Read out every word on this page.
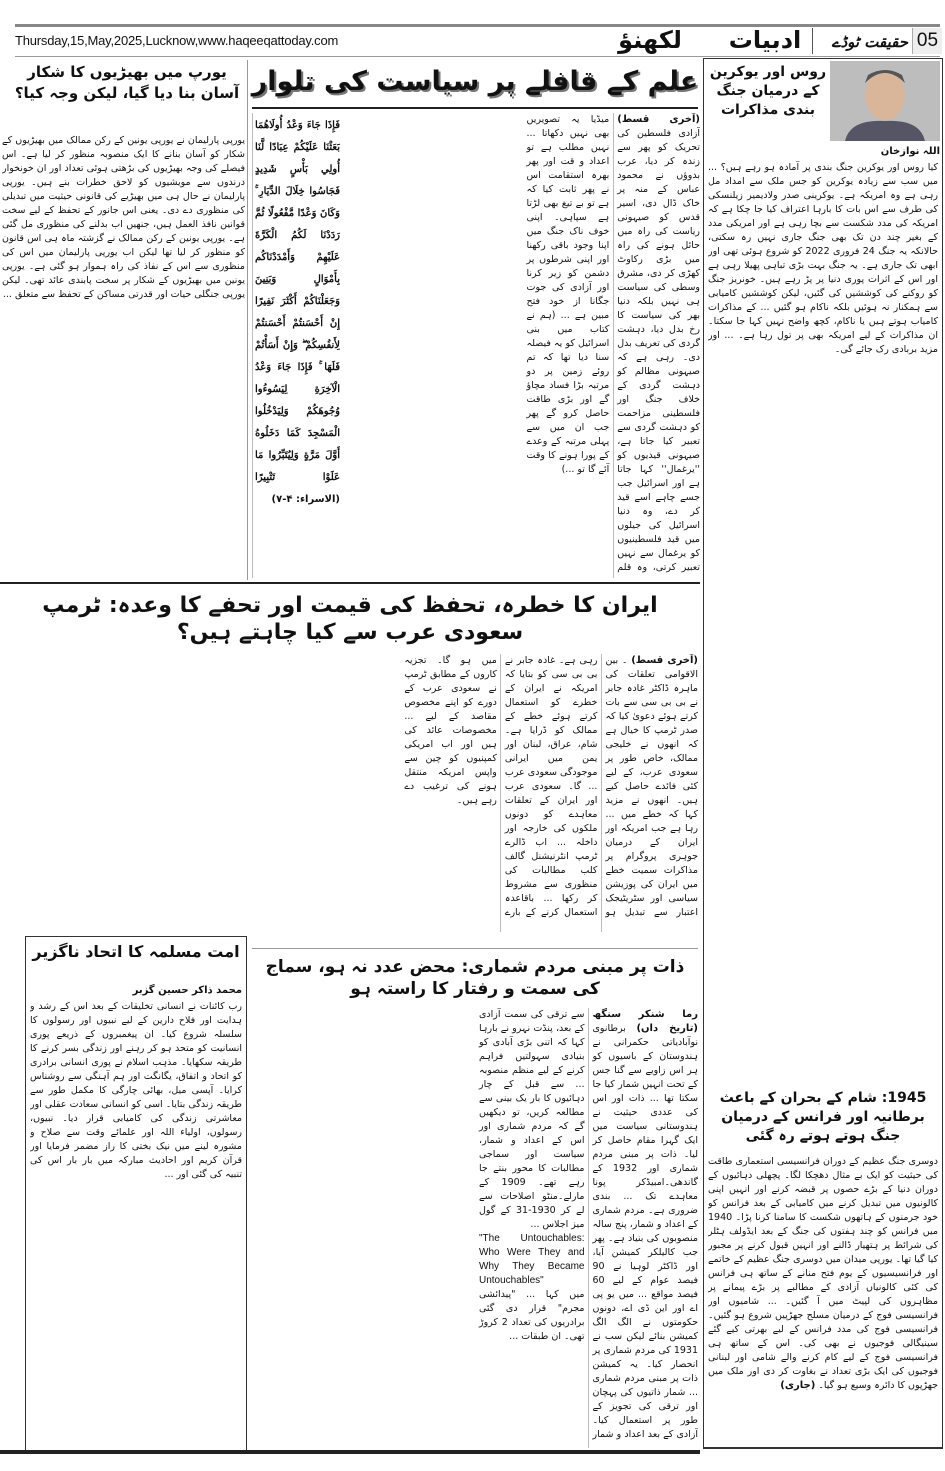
Thursday,15,May,2025,Lucknow,www.haqeeqattoday.com	لکھنؤ	ادبیات	حقیقت ٹوڈے 05
روس اور یوکرین کے درمیان جنگ بندی مذاکرات
اللہ نوازخان
کیا روس اور یوکرین جنگ بندی پر آمادہ ہو رہے ہیں؟ ... میں سب سے زیادہ یوکرین کو جس ملک سے امداد مل رہی ہے وہ امریکہ ہے۔ یوکرینی صدر ولادیمیر زیلنسکی کی طرف سے اس بات کا بارہا اعتراف کیا جا چکا ہے کہ امریکہ کی مدد شکست سے بچا رہی ہے اور امریکی مدد کے بغیر چند دن تک بھی جنگ جاری نہیں رہ سکتی، حالانکہ یہ جنگ 24 فروری 2022 کو شروع ہوئی تھی اور ابھی تک جاری ہے۔ یہ جنگ بہت بڑی تباہی پھیلا رہی ہے اور اس کے اثرات پوری دنیا پر پڑ رہے ہیں۔ خونریز جنگ کو روکنے کی کوششیں کی گئیں، لیکن کوششیں کامیابی سے ہمکنار نہ ہوئیں بلکہ ناکام ہو گئیں ... کے مذاکرات کامیاب ہوتے ہیں یا ناکام، کچھ واضح نہیں کہا جا سکتا۔ ان مذاکرات کے لیے امریکہ بھی پر تول رہا ہے۔ ... اور مزید بربادی رک جائے گی۔
1945: شام کے بحران کے باعث برطانیہ اور فرانس کے درمیان جنگ ہوتے ہوتے رہ گئی
دوسری جنگ عظیم کے دوران فرانسیسی استعماری طاقت کی حیثیت کو ایک بے مثال دھچکا لگا۔ پچھلی دہائیوں کے دوران دنیا کے بڑے حصوں پر قبضہ کرنے اور انہیں اپنی کالونیوں میں تبدیل کرنے میں کامیابی کے بعد فرانس کو خود جرمنوں کے ہاتھوں شکست کا سامنا کرنا پڑا۔ 1940 میں فرانس کو چند ہفتوں کی جنگ کے بعد ایڈولف ہٹلر کی شرائط پر ہتھیار ڈالنے اور انہیں قبول کرنے پر مجبور کیا گیا تھا۔ یورپی میدان میں دوسری جنگ عظیم کے خاتمے اور فرانسیسیوں کے یوم فتح منانے کے ساتھ ہی فرانس کی کئی کالونیاں آزادی کے مطالبے پر بڑے پیمانے پر مظاہروں کی لپیٹ میں آ گئیں۔ ... شامیوں اور فرانسیسی فوج کے درمیان مسلح جھڑپیں شروع ہو گئیں۔ فرانسیسی فوج کی مدد فرانس کے لیے بھرتی کیے گئے سینیگالی فوجیوں نے بھی کی۔ اس کے ساتھ ہی فرانسیسی فوج کے لیے کام کرنے والے شامی اور لبنانی فوجیوں کی ایک بڑی تعداد نے بغاوت کر دی اور ملک میں جھڑپوں کا دائرہ وسیع ہو گیا۔ (جاری)
یورپ میں بھیڑیوں کا شکار آسان بنا دیا گیا، لیکن وجہ کیا؟
یورپی پارلیمان نے یورپی یونین کے رکن ممالک میں بھیڑیوں کے شکار کو آسان بنانے کا ایک منصوبہ منظور کر لیا ہے۔ اس فیصلے کی وجہ بھیڑیوں کی بڑھتی ہوئی تعداد اور ان خونخوار درندوں سے مویشیوں کو لاحق خطرات بنے ہیں۔ یورپی پارلیمان نے حال ہی میں بھیڑیے کی قانونی حیثیت میں تبدیلی کی منظوری دے دی۔ یعنی اس جانور کے تحفظ کے لیے سخت قوانین نافذ العمل ہیں، جنھیں اب بدلنے کی منظوری مل گئی ہے۔ یورپی یونین کے رکن ممالک نے گزشتہ ماہ ہی اس قانون کو منظور کر لیا تھا لیکن اب یورپی پارلیمان میں اس کی منظوری سے اس کے نفاذ کی راہ ہموار ہو گئی ہے۔ یورپی یونین میں بھیڑیوں کے شکار پر سخت پابندی عائد تھی۔ لیکن یورپی جنگلی حیات اور قدرتی مساکن کے تحفظ سے متعلق ...
علم کے قافلے پر سیاست کی تلوار
(آخری قسط) آزادی فلسطین کی تحریک کو پھر سے زندہ کر دیا، عرب بدوؤں نے محمود عباس کے منہ پر خاک ڈال دی، اسیر قدس کو صیہونی ریاست کی راہ میں حائل ہونے کی راہ میں بڑی رکاوٹ کھڑی کر دی، مشرق وسطی کی سیاست ہی نہیں بلکہ دنیا بھر کی سیاست کا رخ بدل دیا، دہشت گردی کی تعریف بدل دی۔ رہی ہے کہ صیہونی مظالم کو دہشت گردی کے خلاف جنگ اور فلسطینی مزاحمت کو دہشت گردی سے تعبیر کیا جاتا ہے، صیہونی قیدیوں کو ''یرغمال'' کہا جاتا ہے اور اسرائیل جب جسے چاہے اسے قید کر دے، وہ دنیا اسرائیل کی جیلوں میں قید فلسطینیوں کو یرغمال سے نہیں تعبیر کرتی، وہ قلم میڈیا یہ تصویریں بھی نہیں دکھاتا ... نہیں مطلب ہے تو اعداد و قت اور پھر بھرہ استقامت اس نے پھر ثابت کیا کہ ہے تو بے تیغ بھی لڑتا ہے سپاہی۔ اپنی خوف ناک جنگ میں اپنا وجود باقی رکھنا اور اپنی شرطوں پر دشمن کو زیر کرنا اور آزادی کی جوت جگانا از خود فتح مبین ہے ... (ہم نے کتاب میں بنی اسرائیل کو یہ فیصلہ سنا دیا تھا کہ تم روئے زمین پر دو مرتبہ بڑا فساد مچاؤ گے اور بڑی طاقت حاصل کرو گے پھر جب ان میں سے پہلی مرتبہ کے وعدے کے پورا ہونے کا وقت آئے گا تو ...)
فَإِذَا جَاءَ وَعْدُ أُولَاهُمَا بَعَثْنَا عَلَيْكُمْ عِبَادًا لَّنَا أُولِي بَأْسٍ شَدِيدٍ فَجَاسُوا خِلَالَ الدِّيَارِ ۚ وَكَانَ وَعْدًا مَّفْعُولًا ثُمَّ رَدَدْنَا لَكُمُ الْكَرَّةَ عَلَيْهِمْ وَأَمْدَدْنَاكُم بِأَمْوَالٍ وَبَنِينَ وَجَعَلْنَاكُمْ أَكْثَرَ نَفِيرًا إِنْ أَحْسَنتُمْ أَحْسَنتُمْ لِأَنفُسِكُمْ ۖ وَإِنْ أَسَأْتُمْ فَلَهَا ۚ فَإِذَا جَاءَ وَعْدُ الْآخِرَةِ لِيَسُوءُوا وُجُوهَكُمْ وَلِيَدْخُلُوا الْمَسْجِدَ كَمَا دَخَلُوهُ أَوَّلَ مَرَّةٍ وَلِيُتَبِّرُوا مَا عَلَوْا تَتْبِيرًا (الاسراء: ۴-۷)
ایران کا خطرہ، تحفظ کی قیمت اور تحفے کا وعدہ: ٹرمپ سعودی عرب سے کیا چاہتے ہیں؟
(آخری قسط) ۔ بین الاقوامی تعلقات کی ماہرہ ڈاکٹر غادہ جابر نے بی بی سی سے بات کرتے ہوئے دعویٰ کیا کہ صدر ٹرمپ کا خیال ہے کہ انھوں نے خلیجی ممالک، خاص طور پر سعودی عرب، کے لیے کئی فائدے حاصل کیے ہیں۔ انھوں نے مزید کہا کہ خطے میں ... رہا ہے جب امریکہ اور ایران کے درمیان جوہری پروگرام پر مذاکرات سمیت خطے میں ایران کی پوزیشن سیاسی اور سٹریٹیجک اعتبار سے تبدیل ہو رہی ہے۔ غادہ جابر نے بی بی سی کو بتایا کہ امریکہ نے ایران کے خطرے کو استعمال کرتے ہوئے خطے کے ممالک کو ڈرایا ہے۔ شام، عراق، لبنان اور یمن میں ایرانی موجودگی سعودی عرب ... گا۔ سعودی عرب اور ایران کے تعلقات معاہدے کو دونوں ملکوں کی خارجہ اور داخلہ ... اب ڈالرے ٹرمپ انٹرنیشنل گالف کلب مطالبات کی منظوری سے مشروط کر رکھا ... باقاعدہ استعمال کرنے کے بارے میں ہو گا۔ تجزیہ کاروں کے مطابق ٹرمپ نے سعودی عرب کے دورے کو اپنے مخصوص مقاصد کے لیے ... مخصوصات عائد کی ہیں اور اب امریکی کمپنیوں کو چین سے واپس امریکہ منتقل ہونے کی ترغیب دے رہے ہیں۔
امت مسلمہ کا اتحاد ناگزیر
محمد ذاکر حسین گزبر
رب کائنات نے انسانی تخلیقات کے بعد اس کے رشد و ہدایت اور فلاح دارین کے لیے نبیوں اور رسولوں کا سلسلہ شروع کیا۔ ان پیغمبروں کے ذریعے پوری انسانیت کو متحد ہو کر رہنے اور زندگی بسر کرنے کا طریقہ سکھایا۔ مذہب اسلام نے پوری انسانی برادری کو اتحاد و اتفاق، یگانگت اور ہم آہنگی سے روشناس کرایا۔ آپسی میل، بھائی چارگی کا مکمل طور سے طریقہ زندگی بتایا۔ اسی کو انسانی سعادت عقلی اور معاشرتی زندگی کی کامیابی قرار دیا۔ نبیوں، رسولوں، اولیاء اللہ اور علمائے وقت سے صلاح و مشورہ لینے میں نیک بختی کا راز مضمر فرمایا اور قرآن کریم اور احادیث مبارکہ میں بار بار اس کی تنبیہ کی گئی اور ...
ذات پر مبنی مردم شماری: محض عدد نہ ہو، سماج کی سمت و رفتار کا راستہ ہو
رما شنکر سنگھ (تاریخ داں) برطانوی نوآبادیاتی حکمرانی نے ہندوستان کے باسیوں کو ہر اس زاویے سے گنا جس کے تحت انہیں شمار کیا جا سکتا تھا ... ذات اور اس کی عددی حیثیت نے ہندوستانی سیاست میں ایک گہرا مقام حاصل کر لیا۔ ذات پر مبنی مردم شماری اور 1932 کے گاندھی۔امبیڈکر پونا معاہدے تک ... بندی ضروری ہے۔ مردم شماری کے اعداد و شمار، پنج سالہ منصوبوں کی بنیاد ہے۔ پھر جب کالیلکر کمیشن آیا، اور ڈاکٹر لوہیا نے 90 فیصد عوام کے لیے 60 فیصد مواقع ... میں یو پی اے اور این ڈی اے، دونوں حکومتوں نے الگ الگ کمیشن بنائے لیکن سب نے 1931 کی مردم شماری پر انحصار کیا۔ یہ کمیشن ذات پر مبنی مردم شماری ... شمار ذاتیوں کی پہچان اور ترقی کی تجویز کے طور پر استعمال کیا۔ آزادی کے بعد اعداد و شمار سے ترقی کی سمت آزادی کے بعد، پنڈت نہرو نے بارہا کہا کہ اتنی بڑی آبادی کو بنیادی سہولتیں فراہم کرنے کے لیے منظم منصوبہ ... سے قبل کے چار دہائیوں کا بار یک بینی سے مطالعہ کریں، تو دیکھیں گے کہ مردم شماری اور اس کے اعداد و شمار، سیاست اور سماجی مطالبات کا محور بنتے جا رہے تھے۔ 1909 کے مارلے۔منٹو اصلاحات سے لے کر 1930-31 کے گول میز اجلاس ...
"The Untouchables: Who Were They and Why They Became Untouchables"
میں کہا ... "پیدائشی مجرم" قرار دی گئی برادریوں کی تعداد 2 کروڑ تھی۔ ان طبقات ...
